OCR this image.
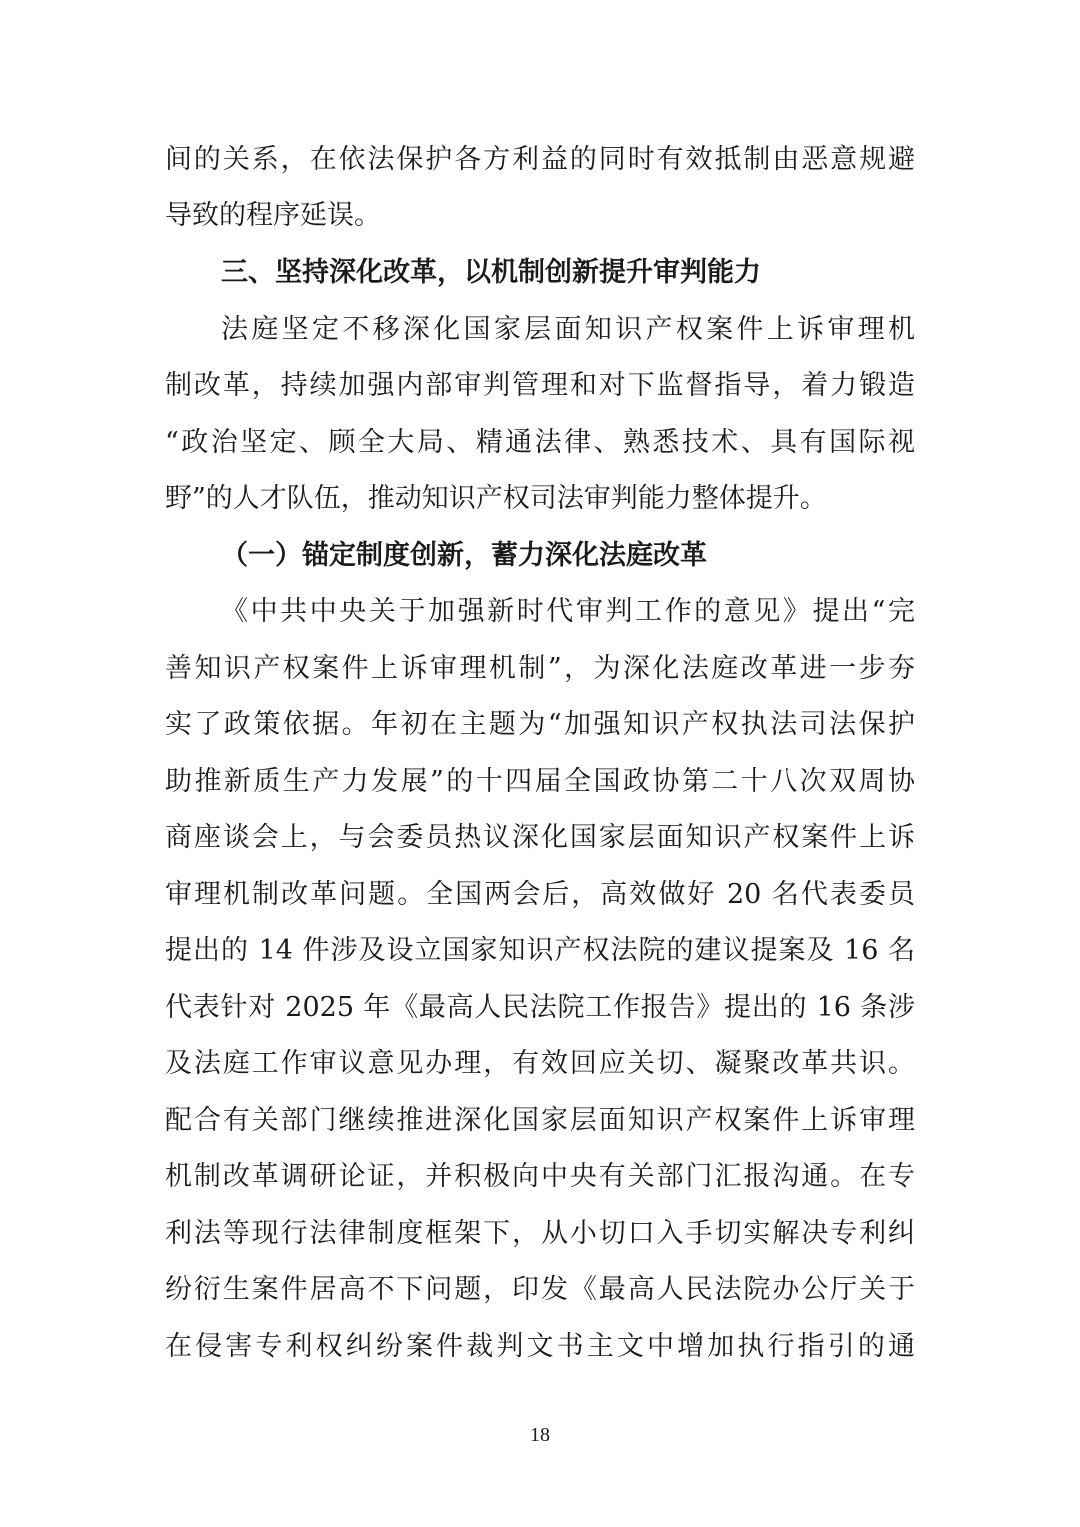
间的关系，在依法保护各方利益的同时有效抵制由恶意规避
导致的程序延误。
三、坚持深化改革，以机制创新提升审判能力
法庭坚定不移深化国家层面知识产权案件上诉审理机
制改革，持续加强内部审判管理和对下监督指导，着力锻造
“政治坚定、顾全大局、精通法律、熟悉技术、具有国际视
野”的人才队伍，推动知识产权司法审判能力整体提升。
（一）锚定制度创新，蓄力深化法庭改革
《中共中央关于加强新时代审判工作的意见》提出“完
善知识产权案件上诉审理机制”，为深化法庭改革进一步夯
实了政策依据。年初在主题为“加强知识产权执法司法保护
助推新质生产力发展”的十四届全国政协第二十八次双周协
商座谈会上，与会委员热议深化国家层面知识产权案件上诉
审理机制改革问题。全国两会后，高效做好 20 名代表委员
提出的 14 件涉及设立国家知识产权法院的建议提案及 16 名
代表针对 2025 年《最高人民法院工作报告》提出的 16 条涉
及法庭工作审议意见办理，有效回应关切、凝聚改革共识。
配合有关部门继续推进深化国家层面知识产权案件上诉审理
机制改革调研论证，并积极向中央有关部门汇报沟通。在专
利法等现行法律制度框架下，从小切口入手切实解决专利纠
纷衍生案件居高不下问题，印发《最高人民法院办公厅关于
在侵害专利权纠纷案件裁判文书主文中增加执行指引的通
18
